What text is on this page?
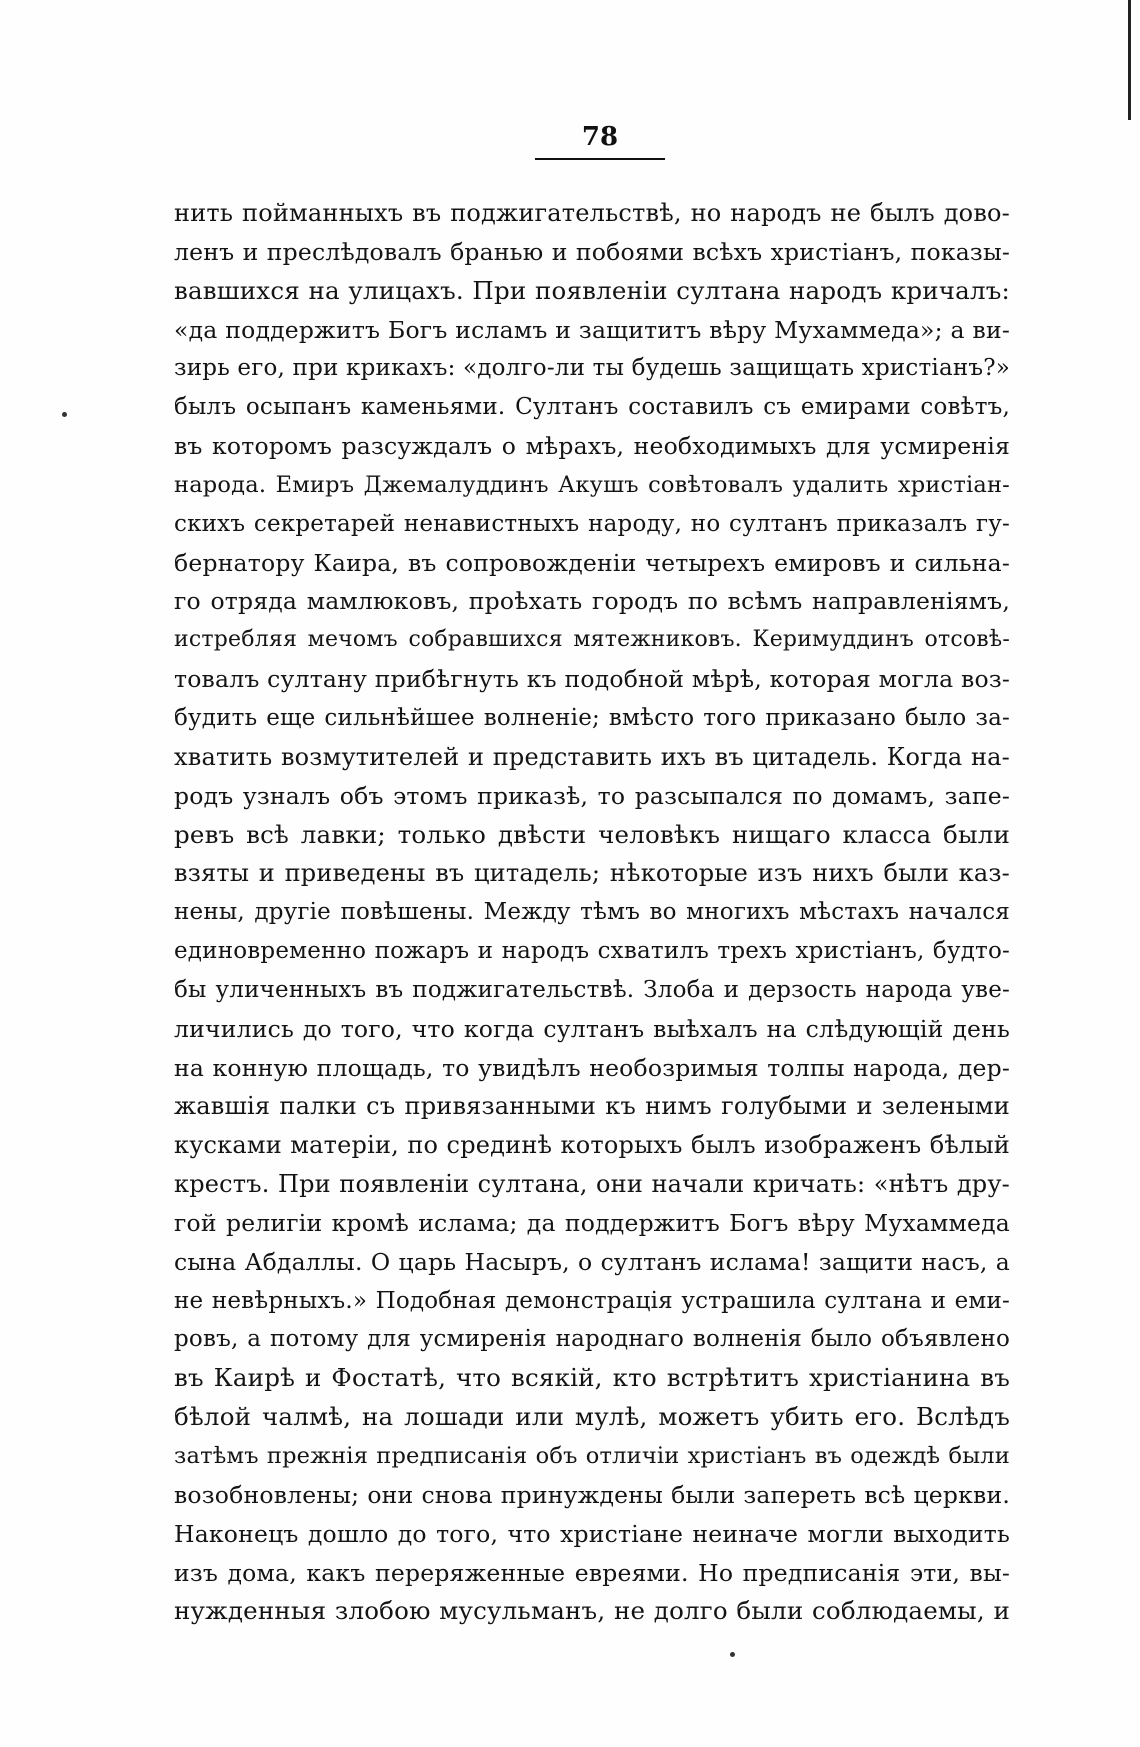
78
нить пойманныхъ въ поджигательствѣ, но народъ не былъ дово-
ленъ и преслѣдовалъ бранью и побоями всѣхъ христіанъ, показы-
вавшихся на улицахъ. При появленіи султана народъ кричалъ:
«да поддержитъ Богъ исламъ и защититъ вѣру Мухаммеда»; а ви-
зирь его, при крикахъ: «долго-ли ты будешь защищать христіанъ?»
былъ осыпанъ каменьями. Султанъ составилъ съ емирами совѣтъ,
въ которомъ разсуждалъ о мѣрахъ, необходимыхъ для усмиренія
народа. Емиръ Джемалуддинъ Акушъ совѣтовалъ удалить христіан-
скихъ секретарей ненавистныхъ народу, но султанъ приказалъ гу-
бернатору Каира, въ сопровожденіи четырехъ емировъ и сильна-
го отряда мамлюковъ, проѣхать городъ по всѣмъ направленіямъ,
истребляя мечомъ собравшихся мятежниковъ. Керимуддинъ отсовѣ-
товалъ султану прибѣгнуть къ подобной мѣрѣ, которая могла воз-
будить еще сильнѣйшее волненіе; вмѣсто того приказано было за-
хватить возмутителей и представить ихъ въ цитадель. Когда на-
родъ узналъ объ этомъ приказѣ, то разсыпался по домамъ, запе-
ревъ всѣ лавки; только двѣсти человѣкъ нищаго класса были
взяты и приведены въ цитадель; нѣкоторые изъ нихъ были каз-
нены, другіе повѣшены. Между тѣмъ во многихъ мѣстахъ начался
единовременно пожаръ и народъ схватилъ трехъ христіанъ, будто-
бы уличенныхъ въ поджигательствѣ. Злоба и дерзость народа уве-
личились до того, что когда султанъ выѣхалъ на слѣдующій день
на конную площадь, то увидѣлъ необозримыя толпы народа, дер-
жавшія палки съ привязанными къ нимъ голубыми и зелеными
кусками матеріи, по срединѣ которыхъ былъ изображенъ бѣлый
крестъ. При появленіи султана, они начали кричать: «нѣтъ дру-
гой религіи кромѣ ислама; да поддержитъ Богъ вѣру Мухаммеда
сына Абдаллы. О царь Насыръ, о султанъ ислама! защити насъ, а
не невѣрныхъ.» Подобная демонстрація устрашила султана и еми-
ровъ, а потому для усмиренія народнаго волненія было объявлено
въ Каирѣ и Фостатѣ, что всякій, кто встрѣтитъ христіанина въ
бѣлой чалмѣ, на лошади или мулѣ, можетъ убить его. Вслѣдъ
затѣмъ прежнія предписанія объ отличіи христіанъ въ одеждѣ были
возобновлены; они снова принуждены были запереть всѣ церкви.
Наконецъ дошло до того, что христіане неиначе могли выходить
изъ дома, какъ переряженные евреями. Но предписанія эти, вы-
нужденныя злобою мусульманъ, не долго были соблюдаемы, и
